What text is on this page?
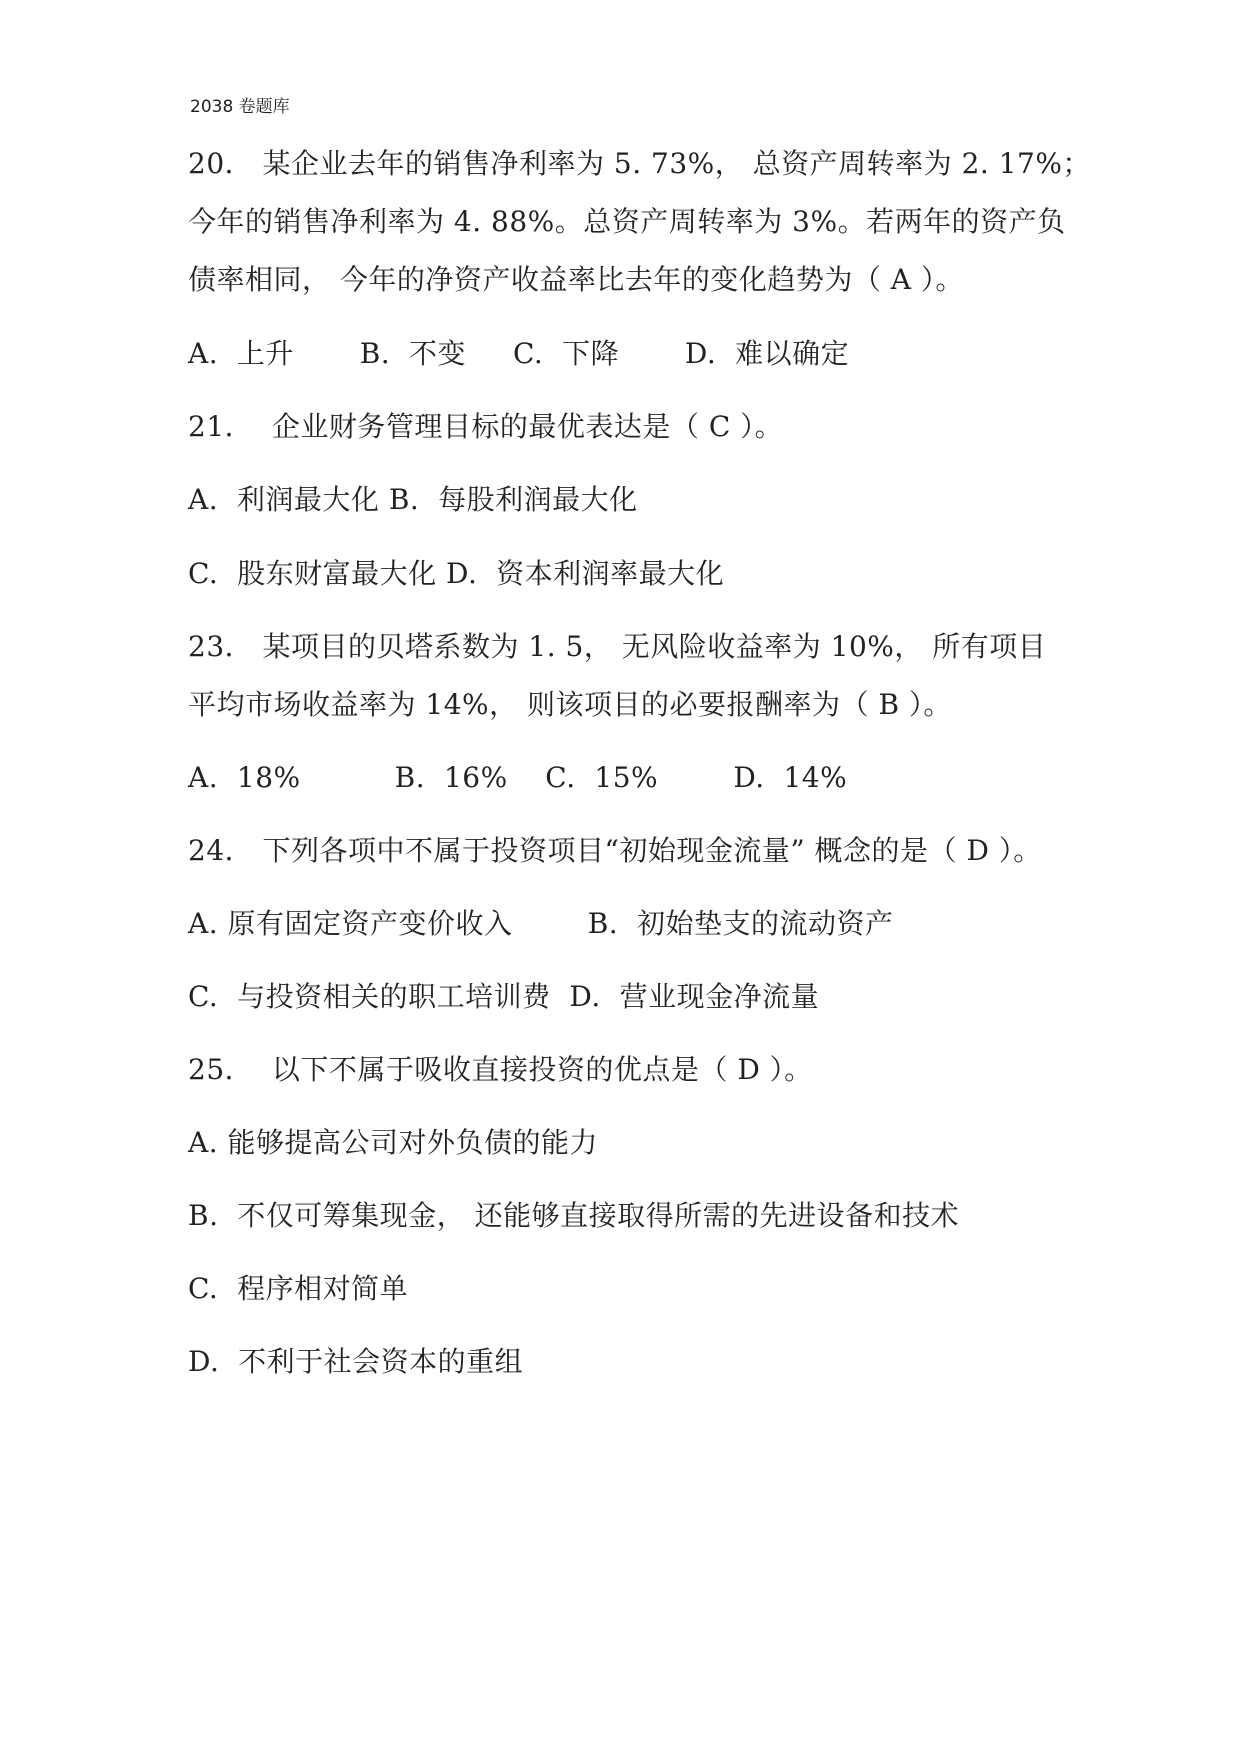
2038 卷题库
20． 某企业去年的销售净利率为 5. 73%， 总资产周转率为 2. 17%；
今年的销售净利率为 4. 88%。总资产周转率为 3%。若两年的资产负
债率相同， 今年的净资产收益率比去年的变化趋势为（ A ）。
A.  上升       B.  不变     C.  下降       D.  难以确定
21．  企业财务管理目标的最优表达是（ C ）。
A.  利润最大化 B.  每股利润最大化
C.  股东财富最大化 D.  资本利润率最大化
23． 某项目的贝塔系数为 1. 5， 无风险收益率为 10%， 所有项目
平均市场收益率为 14%， 则该项目的必要报酬率为（ B ）。
A.  18%          B.  16%    C.  15%        D.  14%
24． 下列各项中不属于投资项目“初始现金流量” 概念的是（ D ）。
A. 原有固定资产变价收入        B.  初始垫支的流动资产
C.  与投资相关的职工培训费  D.  营业现金净流量
25．  以下不属于吸收直接投资的优点是（ D ）。
A. 能够提高公司对外负债的能力
B.  不仅可筹集现金， 还能够直接取得所需的先进设备和技术
C.  程序相对简单
D.  不利于社会资本的重组
